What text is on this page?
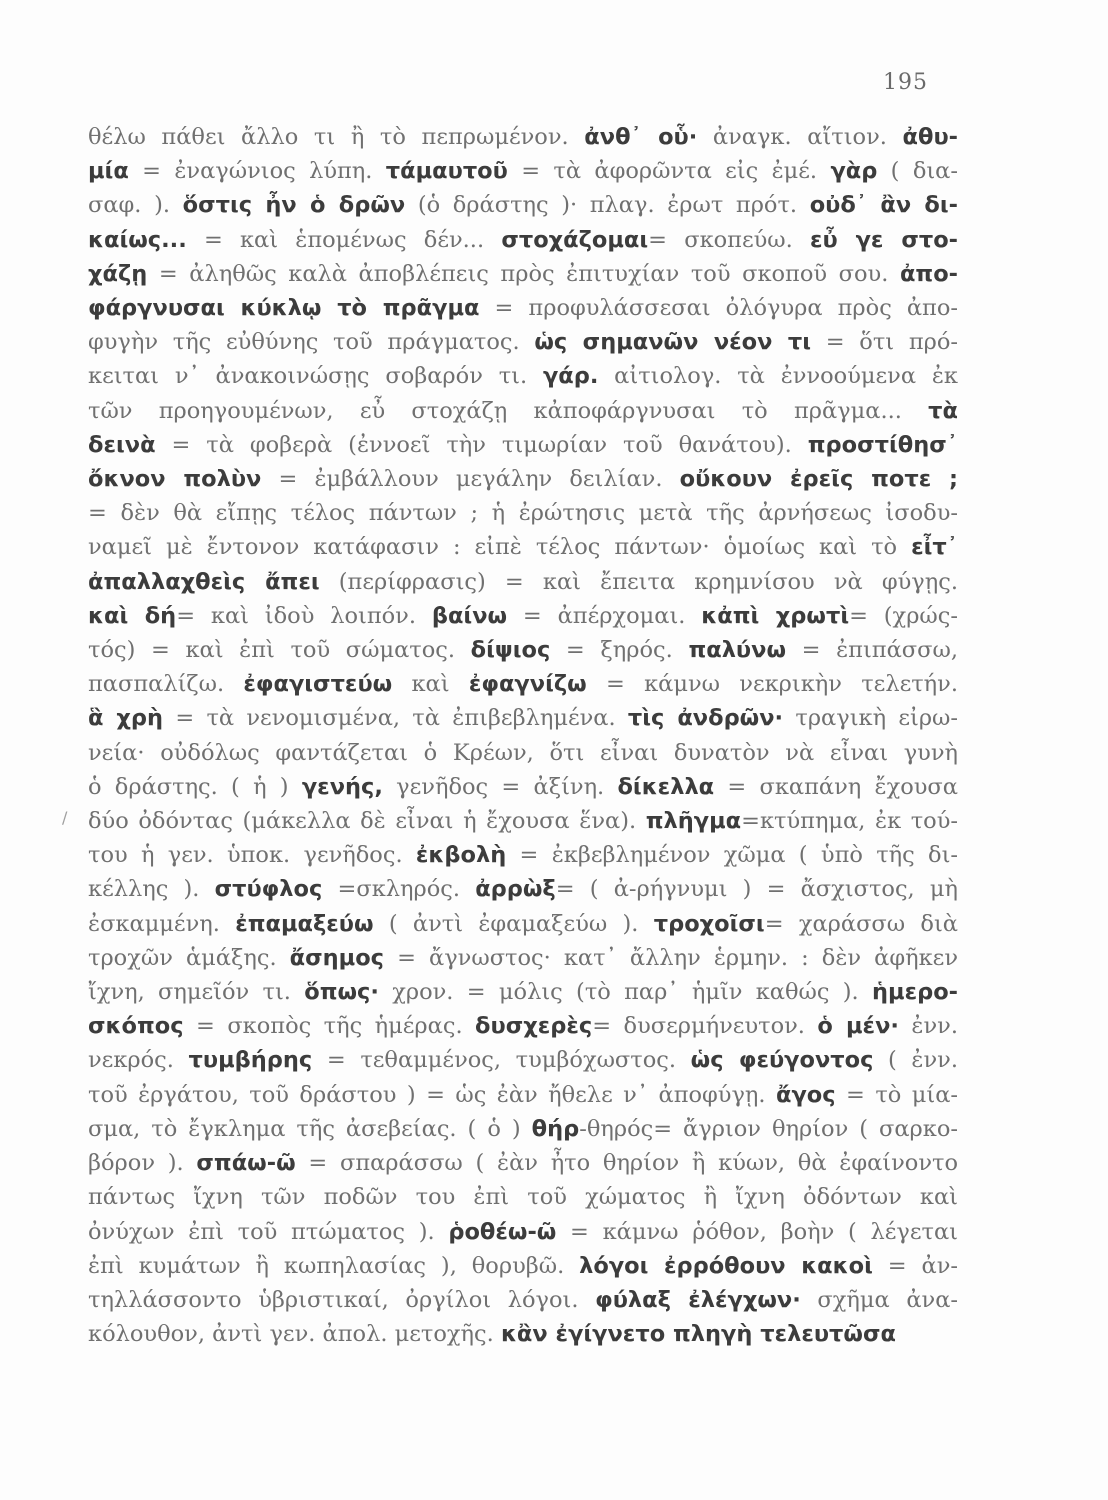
195
/
θέλω πάθει ἄλλο τι ἢ τὸ πεπρωμένον. ἀνθ᾽ οὗ· ἀναγκ. αἴτιον. ἀθυ-
μία = ἐναγώνιος λύπη. τάμαυτοῦ = τὰ ἀφορῶντα εἰς ἐμέ. γὰρ ( δια-
σαφ. ). ὅστις ἦν ὁ δρῶν (ὁ δράστης )· πλαγ. ἐρωτ πρότ. οὐδ᾽ ἂν δι-
καίως... = καὶ ἑπομένως δέν... στοχάζομαι= σκοπεύω. εὖ γε στο-
χάζῃ = ἀληθῶς καλὰ ἀποβλέπεις πρὸς ἐπιτυχίαν τοῦ σκοποῦ σου. ἀπο-
φάργνυσαι κύκλῳ τὸ πρᾶγμα = προφυλάσσεσαι ὀλόγυρα πρὸς ἀπο-
φυγὴν τῆς εὐθύνης τοῦ πράγματος. ὡς σημανῶν νέον τι = ὅτι πρό-
κειται ν᾽ ἀνακοινώσῃς σοβαρόν τι. γάρ. αἰτιολογ. τὰ ἐννοούμενα ἐκ
τῶν προηγουμένων, εὖ στοχάζῃ κἀποφάργνυσαι τὸ πρᾶγμα... τὰ
δεινὰ = τὰ φοβερὰ (ἐννοεῖ τὴν τιμωρίαν τοῦ θανάτου). προστίθησ᾽
ὄκνον πολὺν = ἐμβάλλουν μεγάλην δειλίαν. οὔκουν ἐρεῖς ποτε ;
= δὲν θὰ εἴπῃς τέλος πάντων ; ἡ ἐρώτησις μετὰ τῆς ἀρνήσεως ἰσοδυ-
ναμεῖ μὲ ἔντονον κατάφασιν : εἰπὲ τέλος πάντων· ὁμοίως καὶ τὸ εἶτ᾽
ἀπαλλαχθεὶς ἄπει (περίφρασις) = καὶ ἔπειτα κρημνίσου νὰ φύγῃς.
καὶ δή= καὶ ἰδοὺ λοιπόν. βαίνω = ἀπέρχομαι. κἀπὶ χρωτὶ= (χρώς-
τός) = καὶ ἐπὶ τοῦ σώματος. δίψιος = ξηρός. παλύνω = ἐπιπάσσω,
πασπαλίζω. ἐφαγιστεύω καὶ ἐφαγνίζω = κάμνω νεκρικὴν τελετήν.
ἃ χρὴ = τὰ νενομισμένα, τὰ ἐπιβεβλημένα. τὶς ἀνδρῶν· τραγικὴ εἰρω-
νεία· οὐδόλως φαντάζεται ὁ Κρέων, ὅτι εἶναι δυνατὸν νὰ εἶναι γυνὴ
ὁ δράστης. ( ἡ ) γενής, γενῆδος = ἀξίνη. δίκελλα = σκαπάνη ἔχουσα
δύο ὀδόντας (μάκελλα δὲ εἶναι ἡ ἔχουσα ἕνα). πλῆγμα=κτύπημα, ἐκ τού-
του ἡ γεν. ὑποκ. γενῆδος. ἐκβολὴ = ἐκβεβλημένον χῶμα ( ὑπὸ τῆς δι-
κέλλης ). στύφλος =σκληρός. ἀρρὼξ= ( ἀ-ρήγνυμι ) = ἄσχιστος, μὴ
ἐσκαμμένη. ἐπαμαξεύω ( ἀντὶ ἐφαμαξεύω ). τροχοῖσι= χαράσσω διὰ
τροχῶν ἁμάξης. ἄσημος = ἄγνωστος· κατ᾽ ἄλλην ἑρμην. : δὲν ἀφῆκεν
ἴχνη, σημεῖόν τι. ὅπως· χρον. = μόλις (τὸ παρ᾽ ἡμῖν καθώς ). ἡμερο-
σκόπος = σκοπὸς τῆς ἡμέρας. δυσχερὲς= δυσερμήνευτον. ὁ μέν· ἐνν.
νεκρός. τυμβήρης = τεθαμμένος, τυμβόχωστος. ὡς φεύγοντος ( ἐνν.
τοῦ ἐργάτου, τοῦ δράστου ) = ὡς ἐὰν ἤθελε ν᾽ ἀποφύγῃ. ἄγος = τὸ μία-
σμα, τὸ ἔγκλημα τῆς ἀσεβείας. ( ὁ ) θήρ-θηρός= ἄγριον θηρίον ( σαρκο-
βόρον ). σπάω-ῶ = σπαράσσω ( ἐὰν ἦτο θηρίον ἢ κύων, θὰ ἐφαίνοντο
πάντως ἴχνη τῶν ποδῶν του ἐπὶ τοῦ χώματος ἢ ἴχνη ὀδόντων καὶ
ὀνύχων ἐπὶ τοῦ πτώματος ). ῥοθέω-ῶ = κάμνω ῥόθον, βοὴν ( λέγεται
ἐπὶ κυμάτων ἢ κωπηλασίας ), θορυβῶ. λόγοι ἐρρόθουν κακοὶ = ἀν-
τηλλάσσοντο ὑβριστικαί, ὀργίλοι λόγοι. φύλαξ ἐλέγχων· σχῆμα ἀνα-
κόλουθον, ἀντὶ γεν. ἀπολ. μετοχῆς. κἂν ἐγίγνετο πληγὴ τελευτῶσα
